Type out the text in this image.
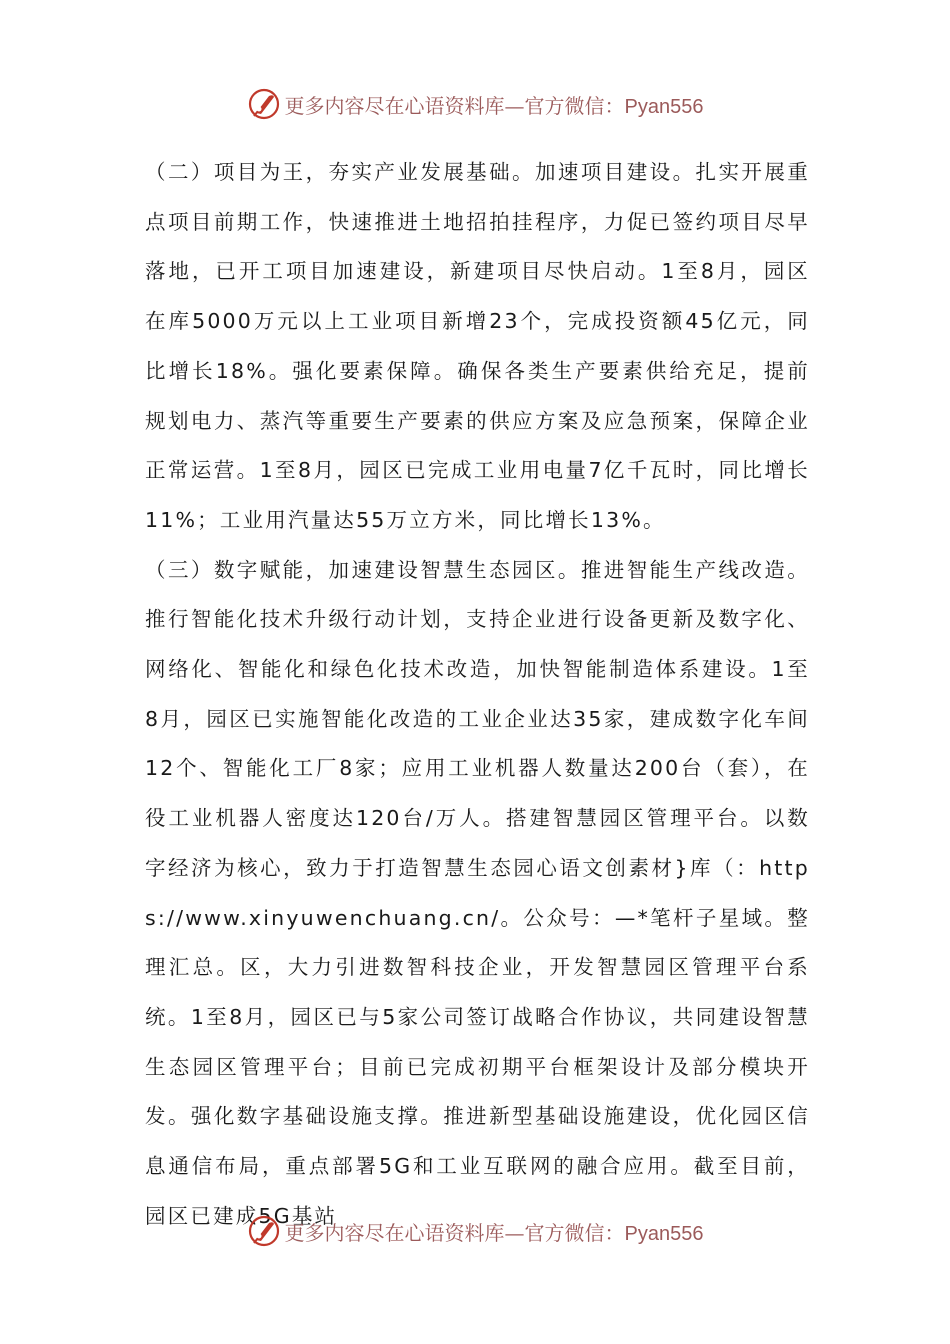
更多内容尽在心语资料库—官方微信：Pyan556

（二）项目为王，夯实产业发展基础。加速项目建设。扎实开展重点项目前期工作，快速推进土地招拍挂程序，力促已签约项目尽早落地，已开工项目加速建设，新建项目尽快启动。1至8月，园区在库5000万元以上工业项目新增23个，完成投资额45亿元，同比增长18%。强化要素保障。确保各类生产要素供给充足，提前规划电力、蒸汽等重要生产要素的供应方案及应急预案，保障企业正常运营。1至8月，园区已完成工业用电量7亿千瓦时，同比增长11%；工业用汽量达55万立方米，同比增长13%。

（三）数字赋能，加速建设智慧生态园区。推进智能生产线改造。推行智能化技术升级行动计划，支持企业进行设备更新及数字化、网络化、智能化和绿色化技术改造，加快智能制造体系建设。1至8月，园区已实施智能化改造的工业企业达35家，建成数字化车间12个、智能化工厂8家；应用工业机器人数量达200台（套），在役工业机器人密度达120台/万人。搭建智慧园区管理平台。以数字经济为核心，致力于打造智慧生态园心语文创素材}库（：https://www.xinyuwenchuang.cn/。公众号：—*笔杆子星域。整理汇总。区，大力引进数智科技企业，开发智慧园区管理平台系统。1至8月，园区已与5家公司签订战略合作协议，共同建设智慧生态园区管理平台；目前已完成初期平台框架设计及部分模块开发。强化数字基础设施支撑。推进新型基础设施建设，优化园区信息通信布局，重点部署5G和工业互联网的融合应用。截至目前，园区已建成5G基站

更多内容尽在心语资料库—官方微信：Pyan556
